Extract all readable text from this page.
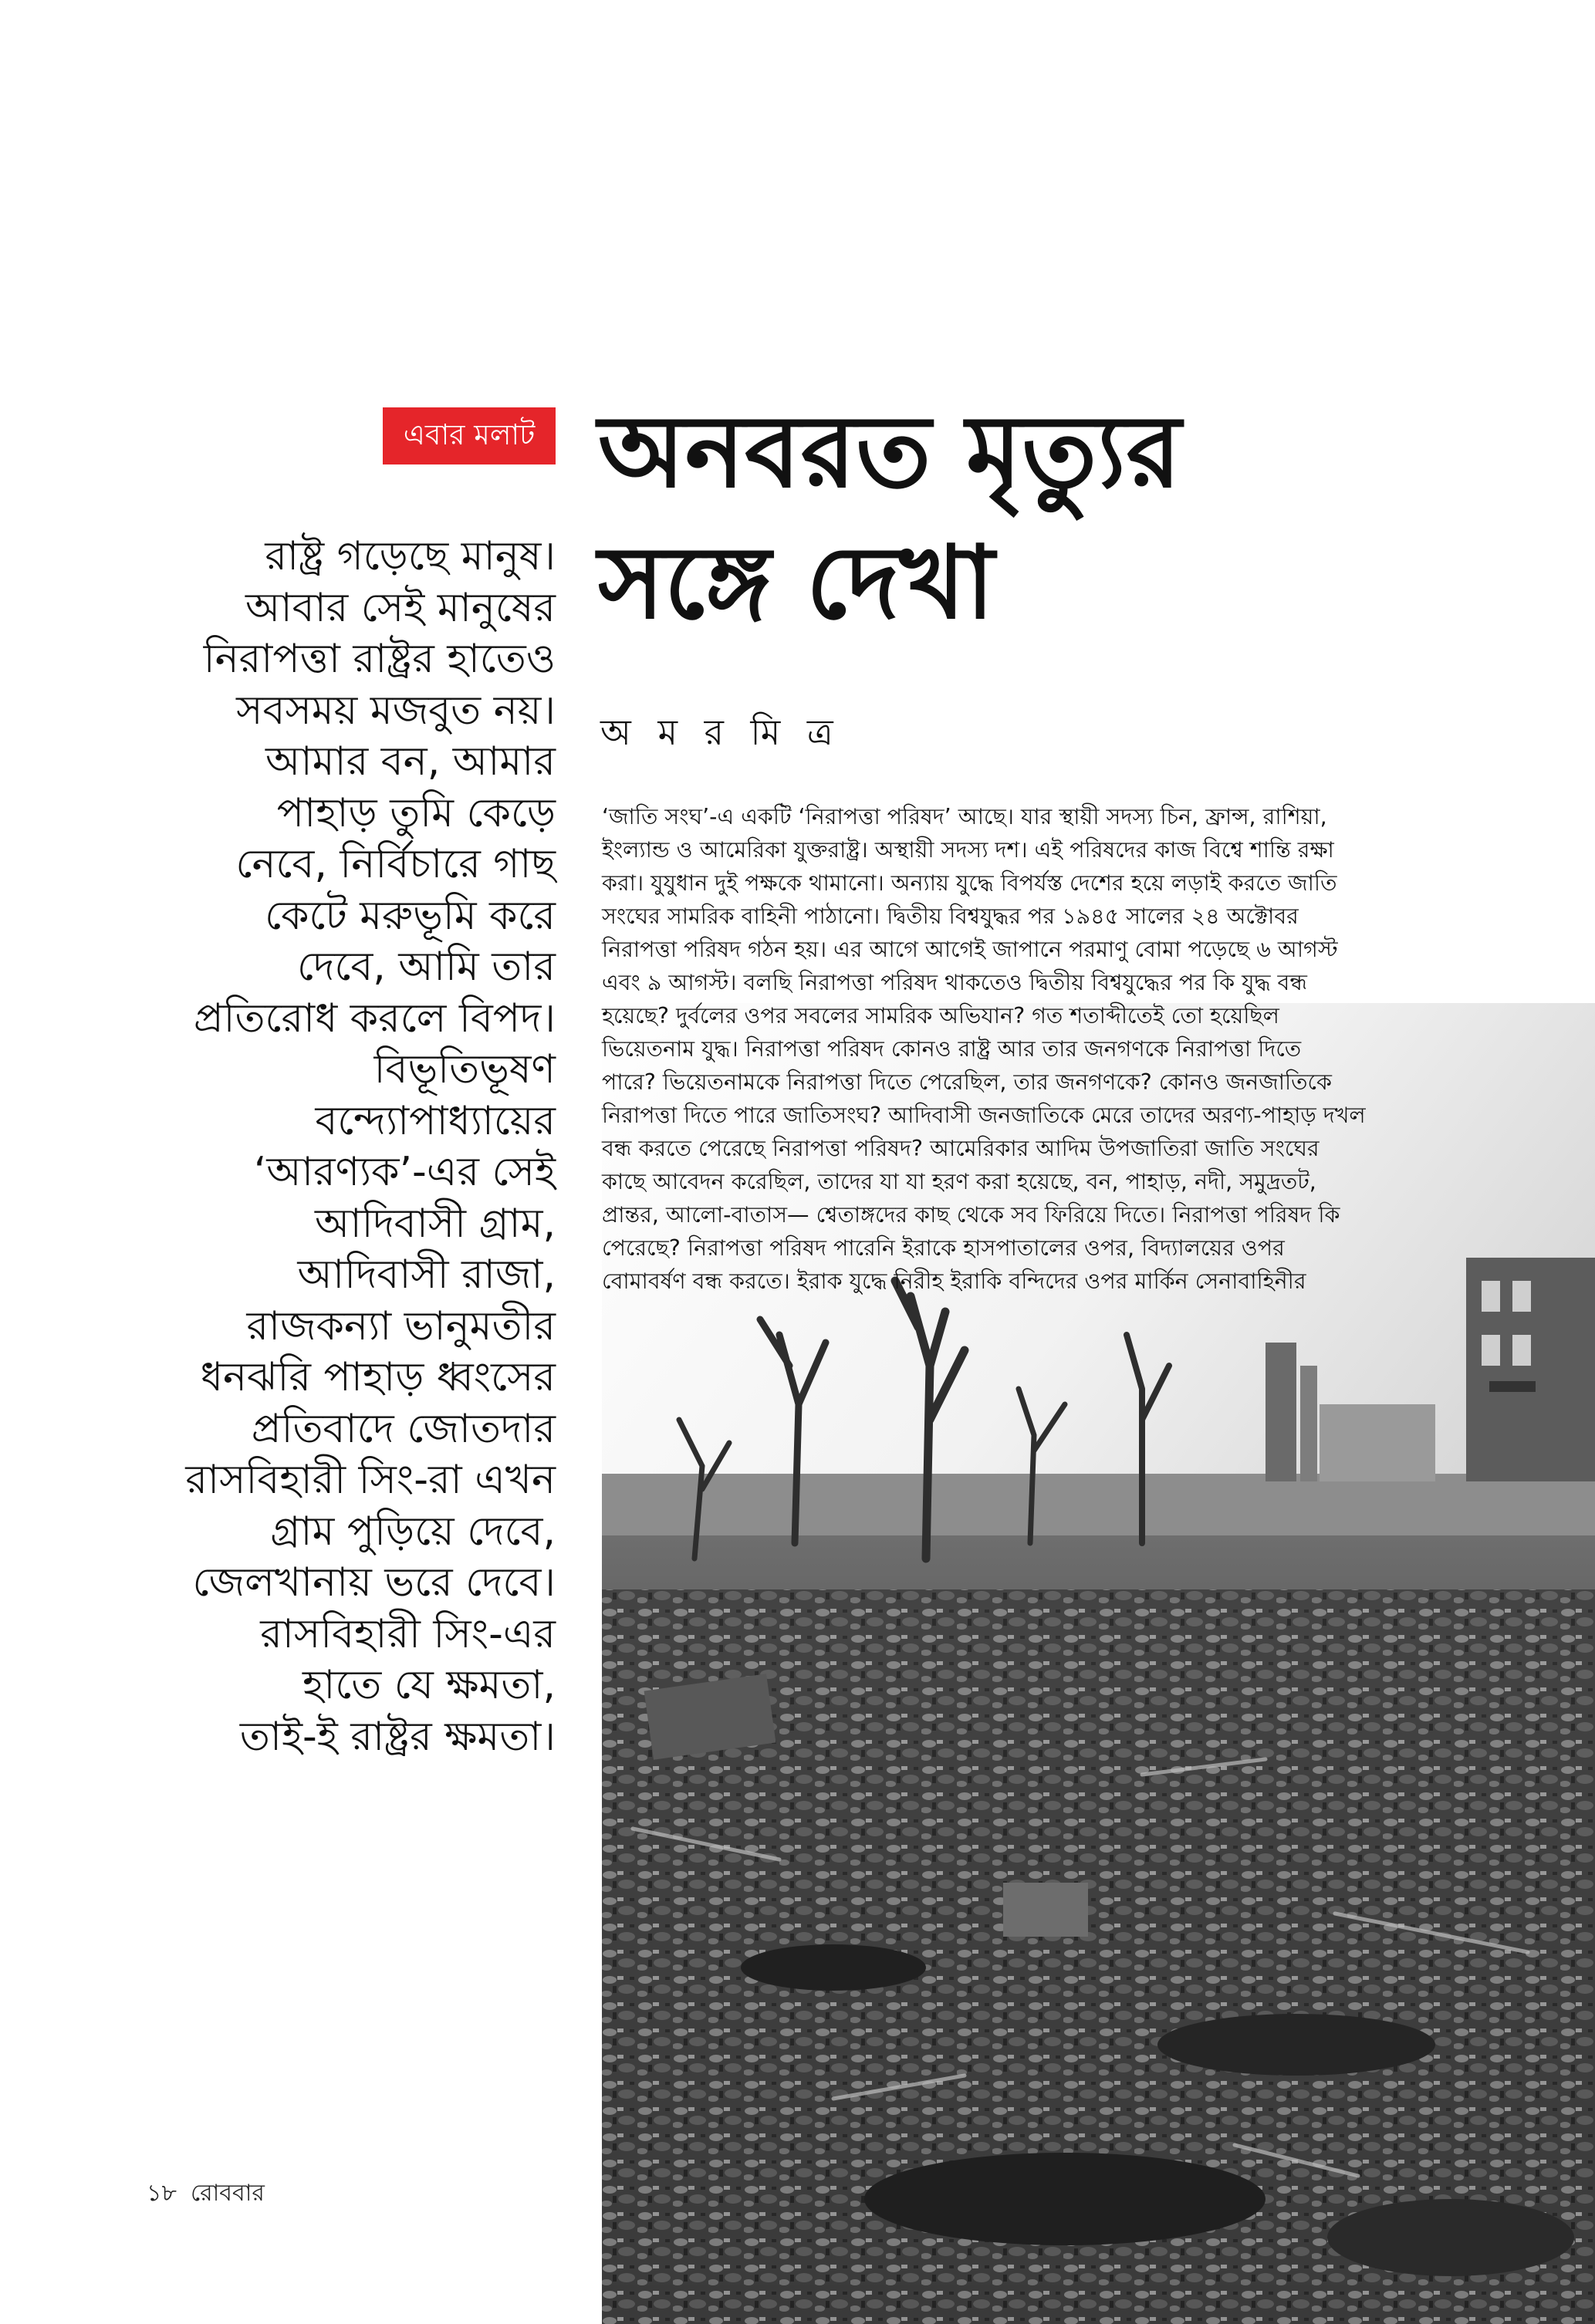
এবার মলাট অনবরত মৃত্যুর
সঙ্গে দেখা
অ ম র মি ত্র
রাষ্ট্র গড়েছে মানুষ।
আবার সেই মানুষের
নিরাপত্তা রাষ্ট্রর হাতেও
সবসময় মজবুত নয়।
আমার বন, আমার
পাহাড় তুমি কেড়ে
নেবে, নির্বিচারে গাছ
কেটে মরুভূমি করে
দেবে, আমি তার
প্রতিরোধ করলে বিপদ।
বিভূতিভূষণ
বন্দ্যোপাধ্যায়ের
‘আরণ্যক’-এর সেই
আদিবাসী গ্রাম,
আদিবাসী রাজা,
রাজকন্যা ভানুমতীর
ধনঝরি পাহাড় ধ্বংসের
প্রতিবাদে জোতদার
রাসবিহারী সিং-রা এখন
গ্রাম পুড়িয়ে দেবে,
জেলখানায় ভরে দেবে।
রাসবিহারী সিং-এর
হাতে যে ক্ষমতা,
তাই-ই রাষ্ট্রর ক্ষমতা।
‘জাতি সংঘ’-এ একটি ‘নিরাপত্তা পরিষদ’ আছে। যার স্থায়ী সদস্য চিন, ফ্রান্স, রাশিয়া,
ইংল্যান্ড ও আমেরিকা যুক্তরাষ্ট্র। অস্থায়ী সদস্য দশ। এই পরিষদের কাজ বিশ্বে শান্তি রক্ষা
করা। যুযুধান দুই পক্ষকে থামানো। অন্যায় যুদ্ধে বিপর্যস্ত দেশের হয়ে লড়াই করতে জাতি
সংঘের সামরিক বাহিনী পাঠানো। দ্বিতীয় বিশ্বযুদ্ধর পর ১৯৪৫ সালের ২৪ অক্টোবর
নিরাপত্তা পরিষদ গঠন হয়। এর আগে আগেই জাপানে পরমাণু বোমা পড়েছে ৬ আগস্ট
এবং ৯ আগস্ট। বলছি নিরাপত্তা পরিষদ থাকতেও দ্বিতীয় বিশ্বযুদ্ধের পর কি যুদ্ধ বন্ধ
হয়েছে? দুর্বলের ওপর সবলের সামরিক অভিযান? গত শতাব্দীতেই তো হয়েছিল
ভিয়েতনাম যুদ্ধ। নিরাপত্তা পরিষদ কোনও রাষ্ট্র আর তার জনগণকে নিরাপত্তা দিতে
পারে? ভিয়েতনামকে নিরাপত্তা দিতে পেরেছিল, তার জনগণকে? কোনও জনজাতিকে
নিরাপত্তা দিতে পারে জাতিসংঘ? আদিবাসী জনজাতিকে মেরে তাদের অরণ্য-পাহাড় দখল
বন্ধ করতে পেরেছে নিরাপত্তা পরিষদ? আমেরিকার আদিম উপজাতিরা জাতি সংঘের
কাছে আবেদন করেছিল, তাদের যা যা হরণ করা হয়েছে, বন, পাহাড়, নদী, সমুদ্রতট,
প্রান্তর, আলো-বাতাস— শ্বেতাঙ্গদের কাছ থেকে সব ফিরিয়ে দিতে। নিরাপত্তা পরিষদ কি
পেরেছে? নিরাপত্তা পরিষদ পারেনি ইরাকে হাসপাতালের ওপর, বিদ্যালয়ের ওপর
বোমাবর্ষণ বন্ধ করতে। ইরাক যুদ্ধে নিরীহ ইরাকি বন্দিদের ওপর মার্কিন সেনাবাহিনীর
১৮ রোববার
